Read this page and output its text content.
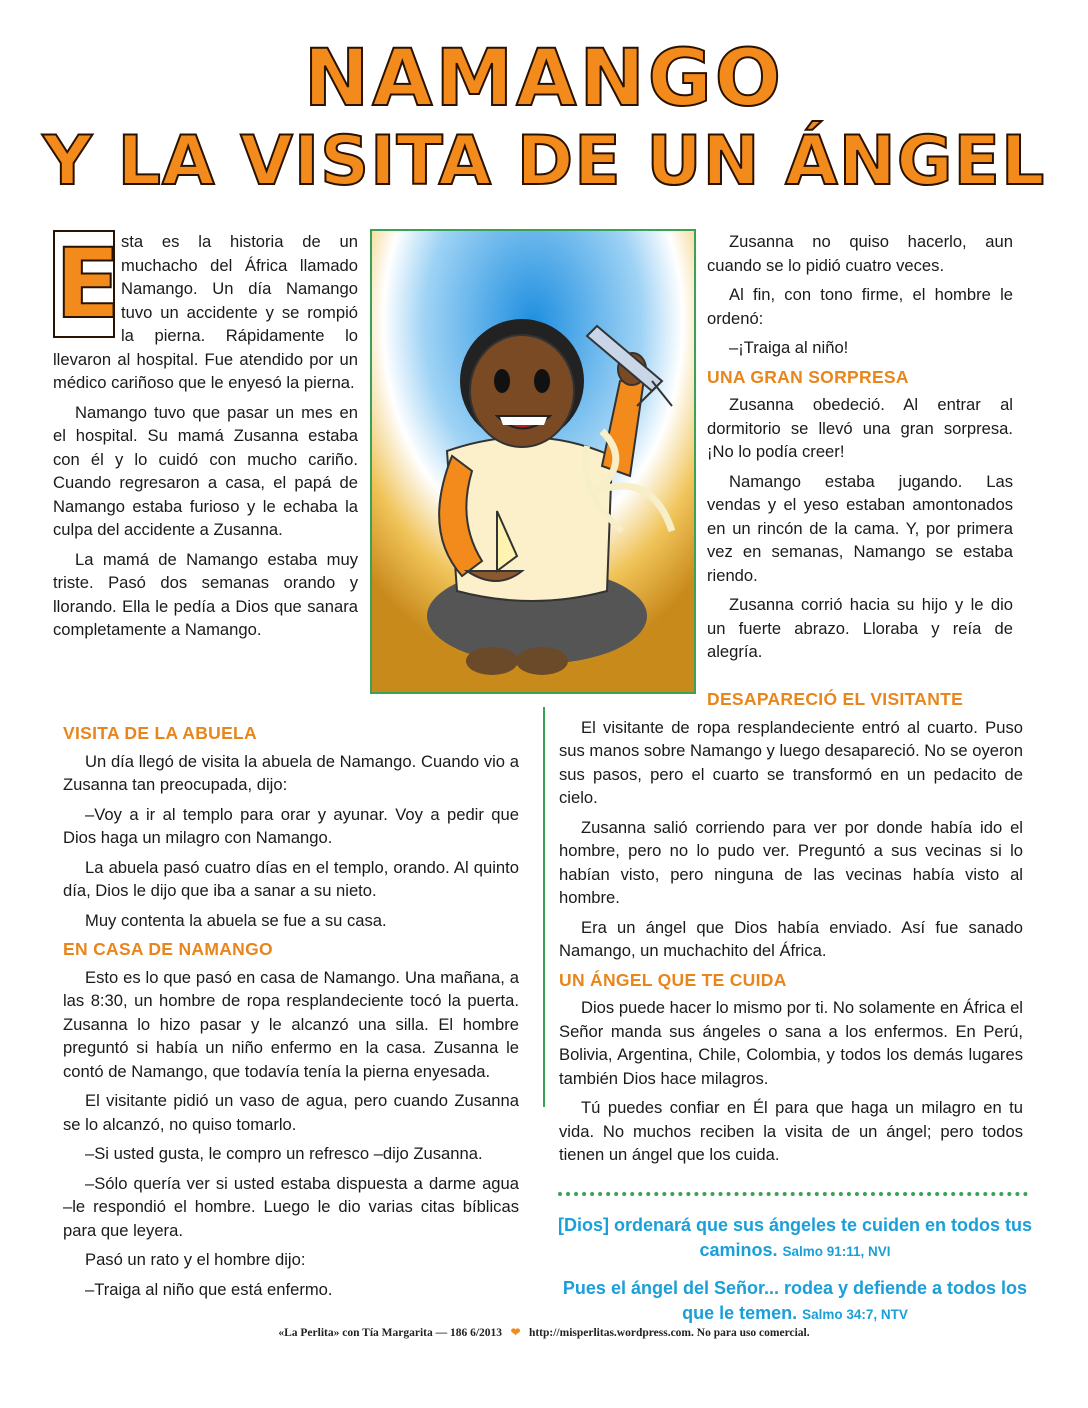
NAMANGO
Y LA VISITA DE UN ÁNGEL
E sta es la historia de un muchacho del África llamado Namango. Un día Namango tuvo un accidente y se rompió la pierna. Rápidamente lo llevaron al hospital. Fue atendido por un médico cariñoso que le enyesó la pierna.

Namango tuvo que pasar un mes en el hospital. Su mamá Zusanna estaba con él y lo cuidó con mucho cariño. Cuando regresaron a casa, el papá de Namango estaba furioso y le echaba la culpa del accidente a Zusanna.

La mamá de Namango estaba muy triste. Pasó dos semanas orando y llorando. Ella le pedía a Dios que sanara completamente a Namango.

VISITA DE LA ABUELA

Un día llegó de visita la abuela de Namango. Cuando vio a Zusanna tan preocupada, dijo:

–Voy a ir al templo para orar y ayunar. Voy a pedir que Dios haga un milagro con Namango.

La abuela pasó cuatro días en el templo, orando. Al quinto día, Dios le dijo que iba a sanar a su nieto.

Muy contenta la abuela se fue a su casa.

EN CASA DE NAMANGO

Esto es lo que pasó en casa de Namango. Una mañana, a las 8:30, un hombre de ropa resplandeciente tocó la puerta. Zusanna lo hizo pasar y le alcanzó una silla. El hombre preguntó si había un niño enfermo en la casa. Zusanna le contó de Namango, que todavía tenía la pierna enyesada.

El visitante pidió un vaso de agua, pero cuando Zusanna se lo alcanzó, no quiso tomarlo.

–Si usted gusta, le compro un refresco –dijo Zusanna.

–Sólo quería ver si usted estaba dispuesta a darme agua –le respondió el hombre. Luego le dio varias citas bíblicas para que leyera.

Pasó un rato y el hombre dijo:

–Traiga al niño que está enfermo.

Zusanna no quiso hacerlo, aun cuando se lo pidió cuatro veces.

Al fin, con tono firme, el hombre le ordenó:

–¡Traiga al niño!

UNA GRAN SORPRESA

Zusanna obedeció. Al entrar al dormitorio se llevó una gran sorpresa. ¡No lo podía creer!

Namango estaba jugando. Las vendas y el yeso estaban amontonados en un rincón de la cama. Y, por primera vez en semanas, Namango se estaba riendo.

Zusanna corrió hacia su hijo y le dio un fuerte abrazo. Lloraba y reía de alegría.

DESAPARECIÓ EL VISITANTE

El visitante de ropa resplandeciente entró al cuarto. Puso sus manos sobre Namango y luego desapareció. No se oyeron sus pasos, pero el cuarto se transformó en un pedacito de cielo.

Zusanna salió corriendo para ver por donde había ido el hombre, pero no lo pudo ver. Preguntó a sus vecinas si lo habían visto, pero ninguna de las vecinas había visto al hombre.

Era un ángel que Dios había enviado. Así fue sanado Namango, un muchachito del África.

UN ÁNGEL QUE TE CUIDA

Dios puede hacer lo mismo por ti. No solamente en África el Señor manda sus ángeles o sana a los enfermos. En Perú, Bolivia, Argentina, Chile, Colombia, y todos los demás lugares también Dios hace milagros.

Tú puedes confiar en Él para que haga un milagro en tu vida. No muchos reciben la visita de un ángel; pero todos tienen un ángel que los cuida.

[Dios] ordenará que sus ángeles te cuiden en todos tus caminos. Salmo 91:11, NVI
Pues el ángel del Señor... rodea y defiende a todos los que le temen. Salmo 34:7, NTV
«La Perlita» con Tía Margarita — 186 6/2013 ❤ http://misperlitas.wordpress.com. No para uso comercial.
